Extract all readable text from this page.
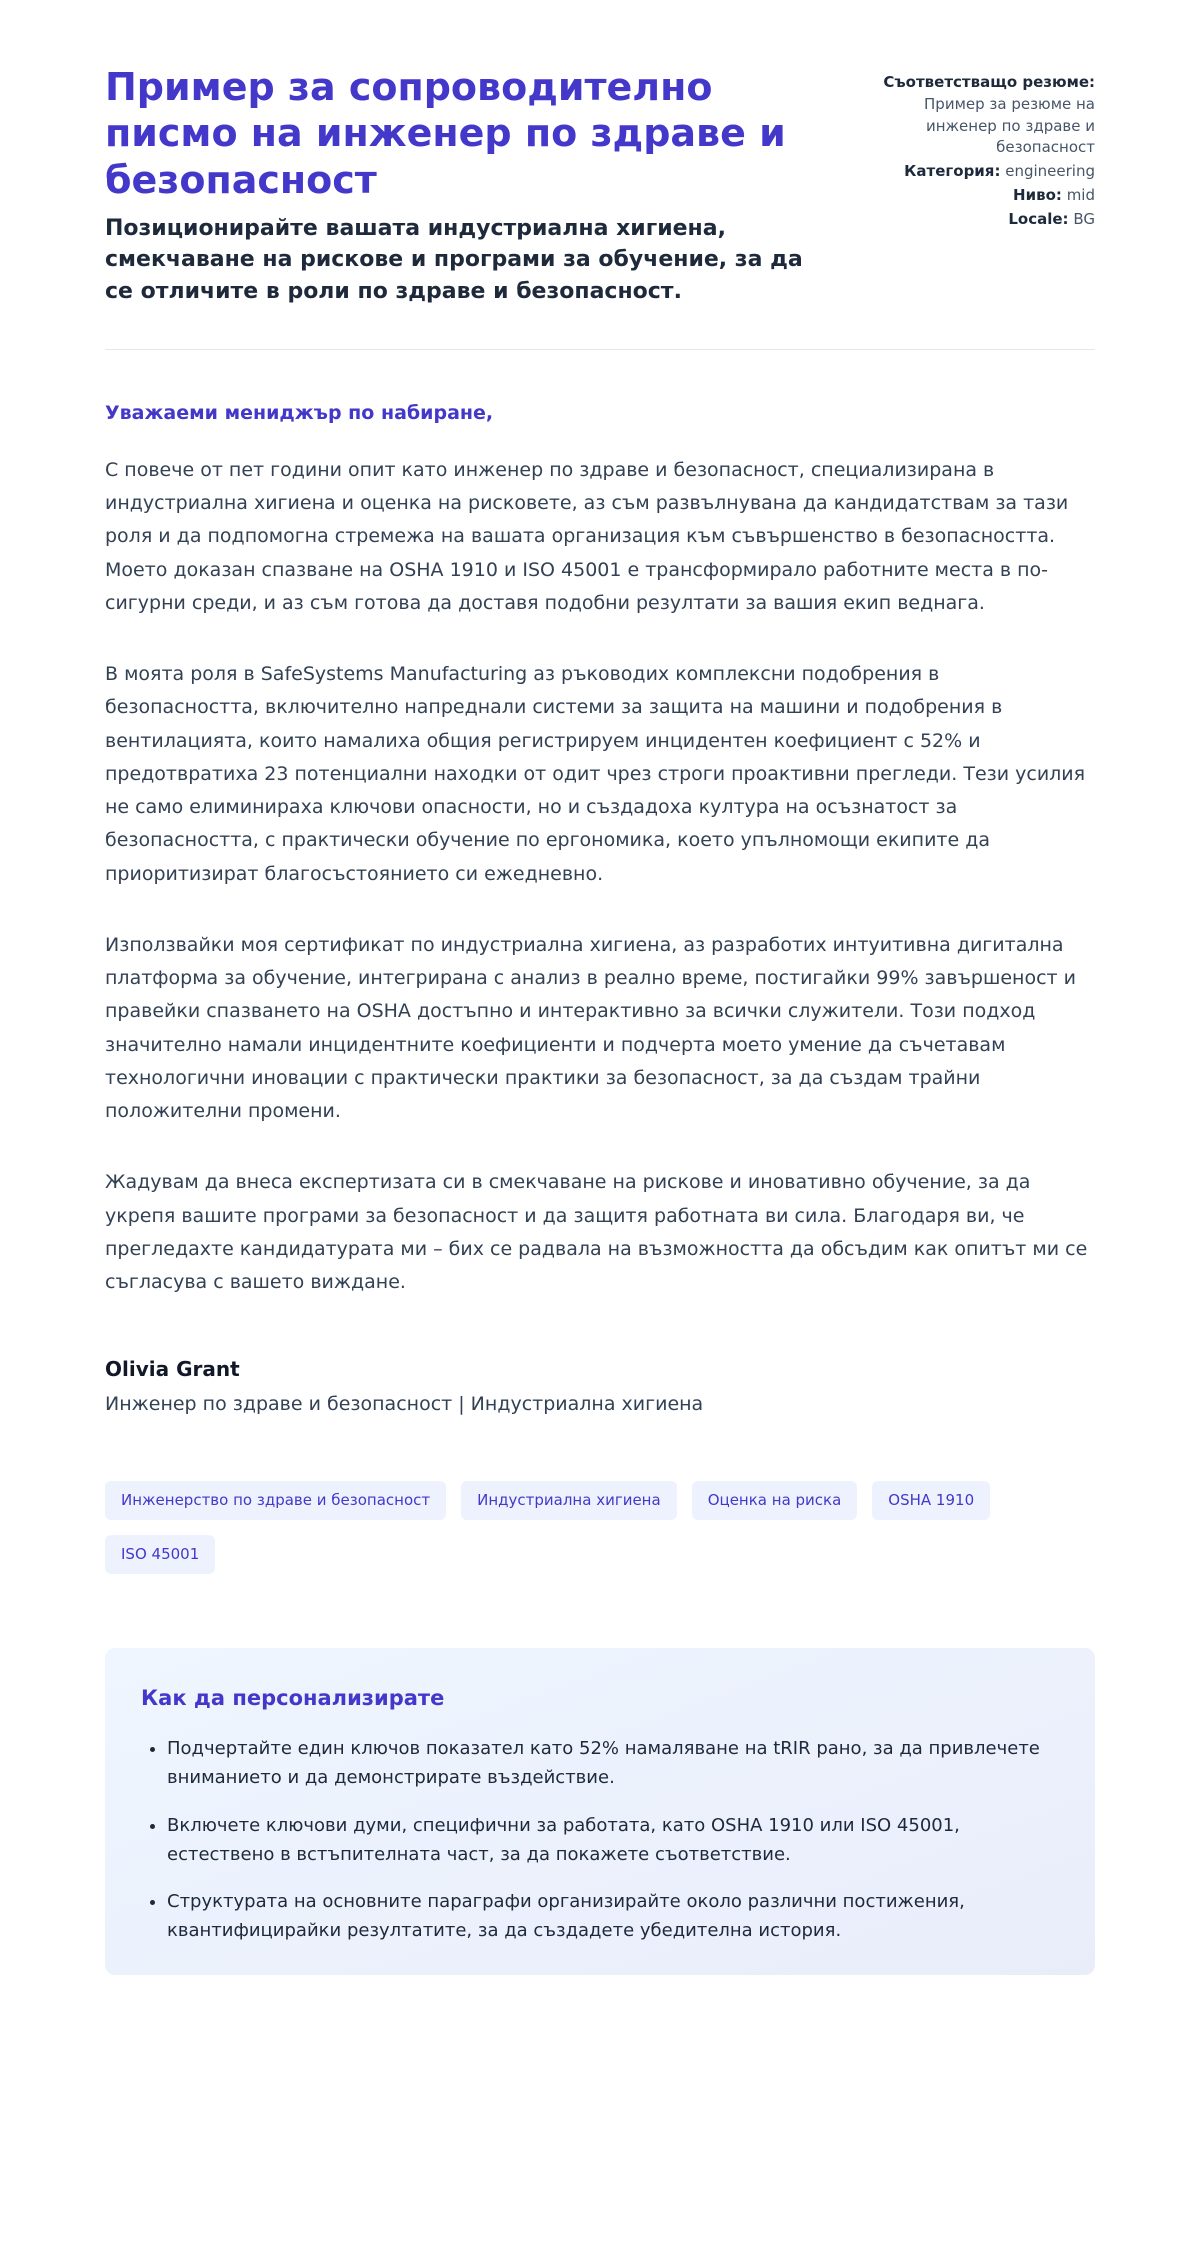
Пример за сопроводително писмо на инженер по здраве и безопасност

Позиционирайте вашата индустриална хигиена, смекчаване на рискове и програми за обучение, за да се отличите в роли по здраве и безопасност.

Съответстващо резюме:
Пример за резюме на инженер по здраве и безопасност
Категория: engineering
Ниво: mid
Locale: BG

Уважаеми мениджър по набиране,

С повече от пет години опит като инженер по здраве и безопасност, специализирана в индустриална хигиена и оценка на рисковете, аз съм развълнувана да кандидатствам за тази роля и да подпомогна стремежа на вашата организация към съвършенство в безопасността. Моето доказан спазване на OSHA 1910 и ISO 45001 е трансформирало работните места в по-сигурни среди, и аз съм готова да доставя подобни резултати за вашия екип веднага.

В моята роля в SafeSystems Manufacturing аз ръководих комплексни подобрения в безопасността, включително напреднали системи за защита на машини и подобрения в вентилацията, които намалиха общия регистрируем инцидентен коефициент с 52% и предотвратиха 23 потенциални находки от одит чрез строги проактивни прегледи. Тези усилия не само елиминираха ключови опасности, но и създадоха култура на осъзнатост за безопасността, с практически обучение по ергономика, което упълномощи екипите да приоритизират благосъстоянието си ежедневно.

Използвайки моя сертификат по индустриална хигиена, аз разработих интуитивна дигитална платформа за обучение, интегрирана с анализ в реално време, постигайки 99% завършеност и правейки спазването на OSHA достъпно и интерактивно за всички служители. Този подход значително намали инцидентните коефициенти и подчерта моето умение да съчетавам технологични иновации с практически практики за безопасност, за да създам трайни положителни промени.

Жадувам да внеса експертизата си в смекчаване на рискове и иновативно обучение, за да укрепя вашите програми за безопасност и да защитя работната ви сила. Благодаря ви, че прегледахте кандидатурата ми – бих се радвала на възможността да обсъдим как опитът ми се съгласува с вашето виждане.

Olivia Grant

Инженер по здраве и безопасност | Индустриална хигиена

Инженерство по здраве и безопасност	Индустриална хигиена	Оценка на риска	OSHA 1910
ISO 45001
Как да персонализирате
• Подчертайте един ключов показател като 52% намаляване на tRIR рано, за да привлечете вниманието и да демонстрирате въздействие.
• Включете ключови думи, специфични за работата, като OSHA 1910 или ISO 45001, естествено в встъпителната част, за да покажете съответствие.
• Структурата на основните параграфи организирайте около различни постижения, квантифицирайки резултатите, за да създадете убедителна история.
